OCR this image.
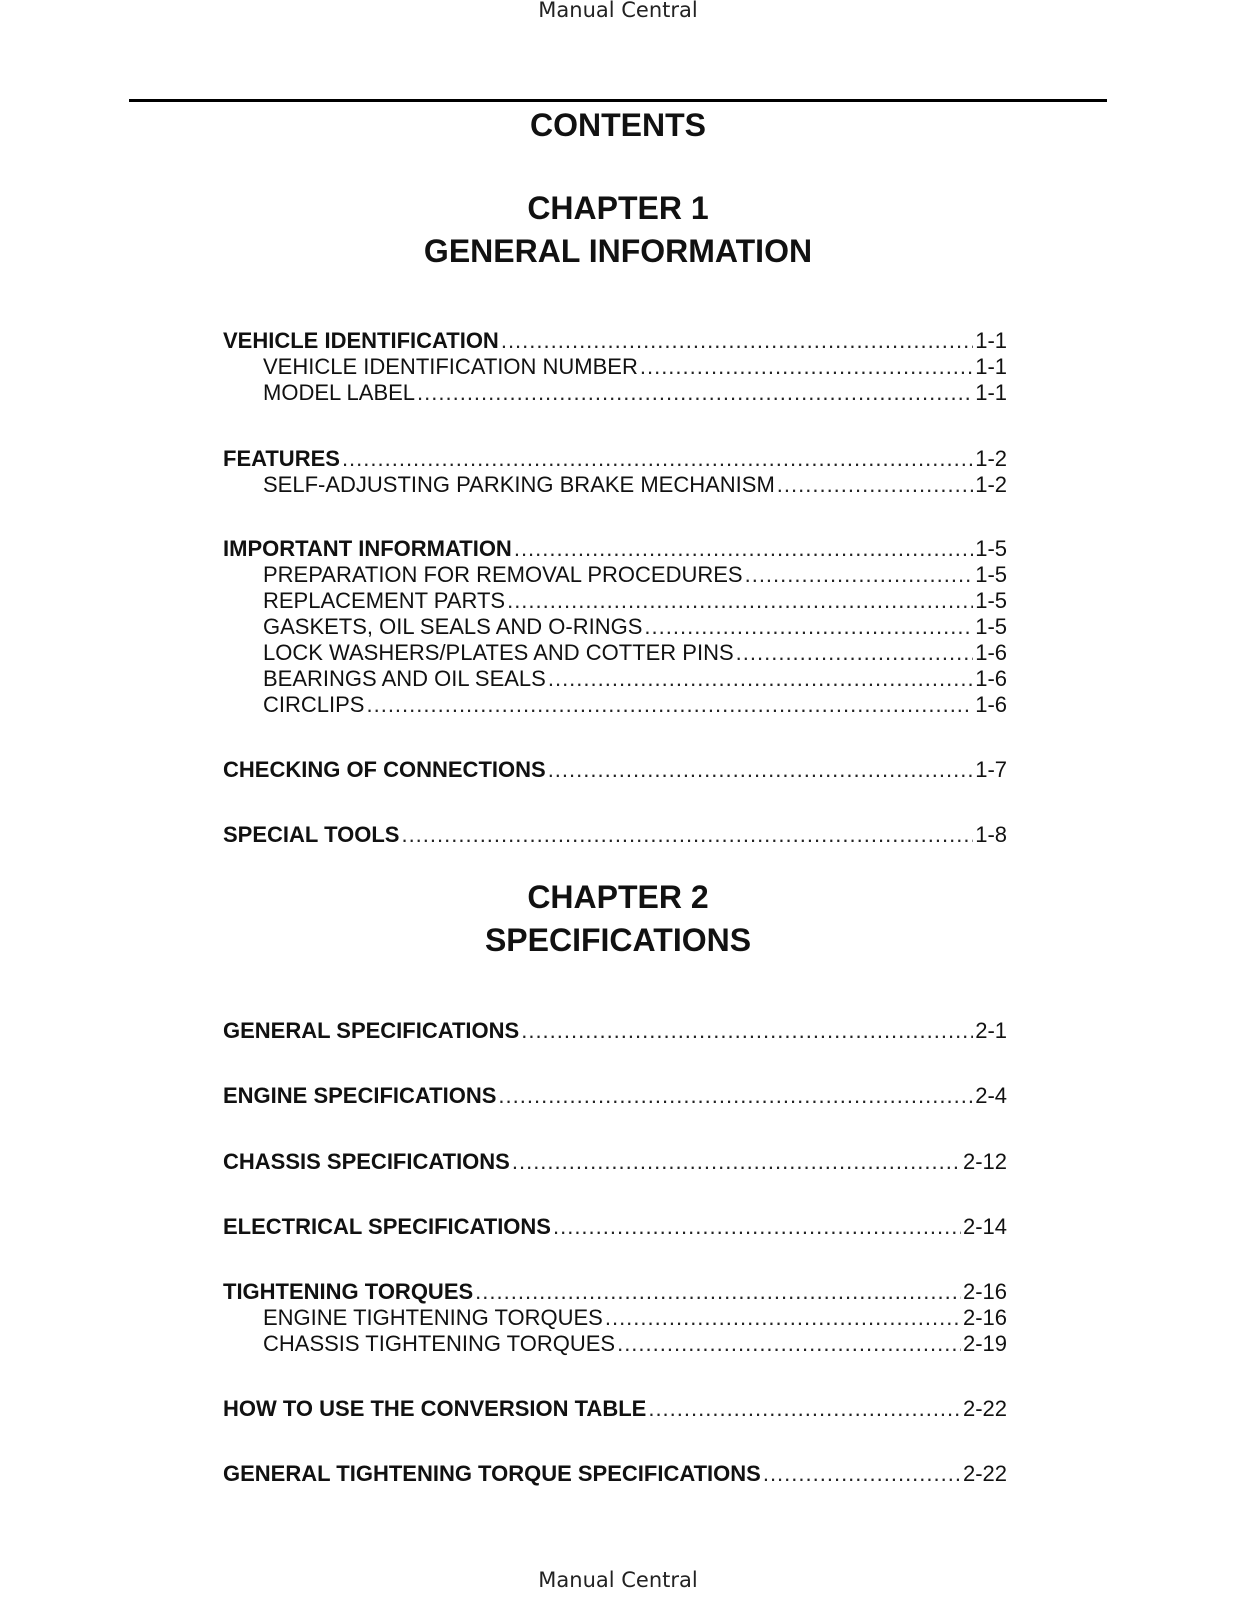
Manual Central
CONTENTS
CHAPTER 1
GENERAL INFORMATION
VEHICLE IDENTIFICATION .....	1-1
VEHICLE IDENTIFICATION NUMBER .....	1-1
MODEL LABEL .....	1-1
FEATURES .....	1-2
SELF-ADJUSTING PARKING BRAKE MECHANISM .....	1-2
IMPORTANT INFORMATION .....	1-5
PREPARATION FOR REMOVAL PROCEDURES .....	1-5
REPLACEMENT PARTS .....	1-5
GASKETS, OIL SEALS AND O-RINGS .....	1-5
LOCK WASHERS/PLATES AND COTTER PINS .....	1-6
BEARINGS AND OIL SEALS .....	1-6
CIRCLIPS .....	1-6
CHECKING OF CONNECTIONS .....	1-7
SPECIAL TOOLS .....	1-8
CHAPTER 2
SPECIFICATIONS
GENERAL SPECIFICATIONS .....	2-1
ENGINE SPECIFICATIONS .....	2-4
CHASSIS SPECIFICATIONS .....	2-12
ELECTRICAL SPECIFICATIONS .....	2-14
TIGHTENING TORQUES .....	2-16
ENGINE TIGHTENING TORQUES .....	2-16
CHASSIS TIGHTENING TORQUES .....	2-19
HOW TO USE THE CONVERSION TABLE .....	2-22
GENERAL TIGHTENING TORQUE SPECIFICATIONS .....	2-22
Manual Central
